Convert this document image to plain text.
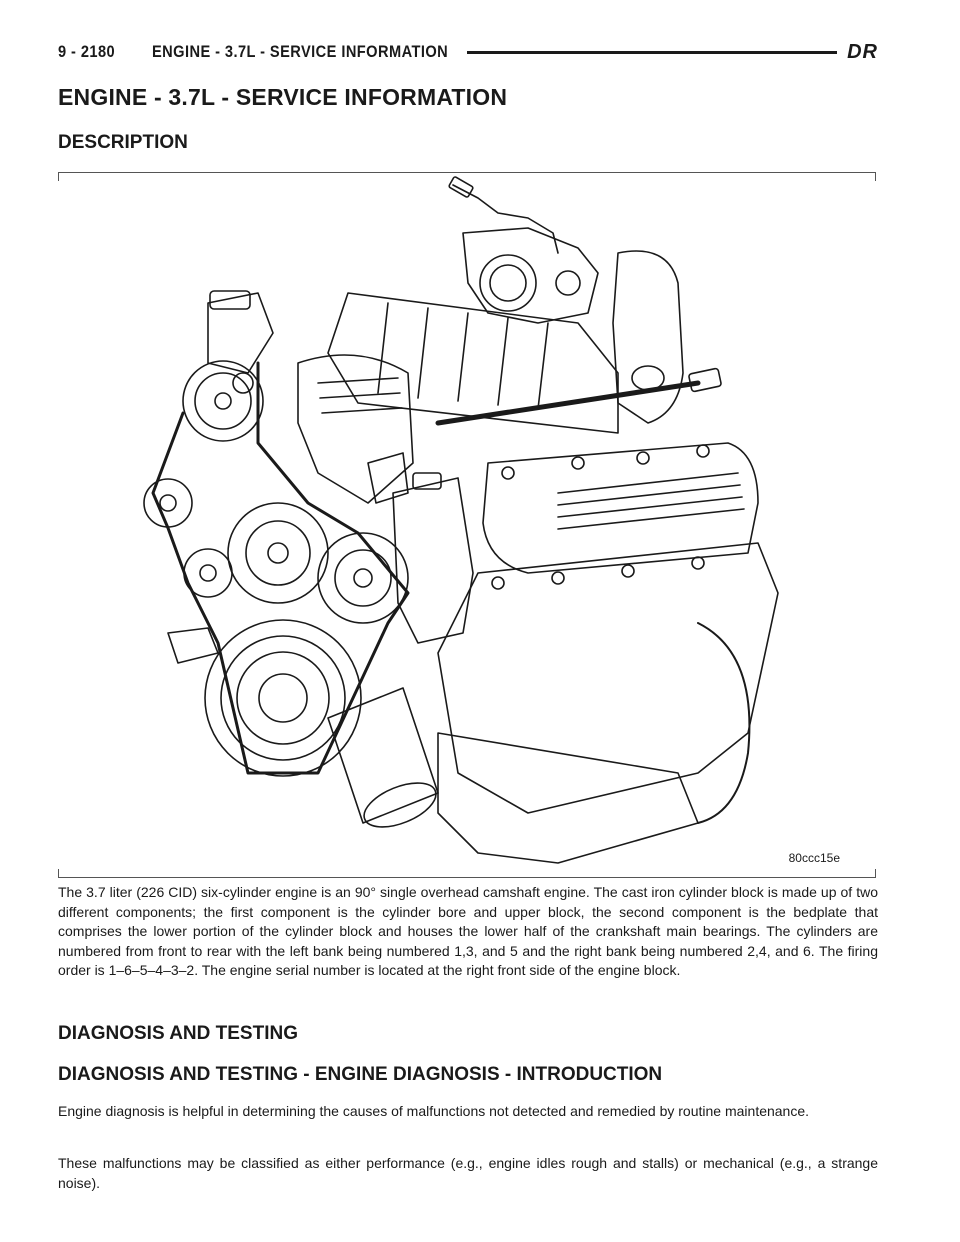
9 - 2180	ENGINE - 3.7L - SERVICE INFORMATION	DR
ENGINE - 3.7L - SERVICE INFORMATION
DESCRIPTION
80ccc15e

The 3.7 liter (226 CID) six-cylinder engine is an 90° single overhead camshaft engine. The cast iron cylinder block is made up of two different components; the first component is the cylinder bore and upper block, the second component is the bedplate that comprises the lower portion of the cylinder block and houses the lower half of the crankshaft main bearings. The cylinders are numbered from front to rear with the left bank being numbered 1,3, and 5 and the right bank being numbered 2,4, and 6. The firing order is 1–6–5–4–3–2. The engine serial number is located at the right front side of the engine block.

DIAGNOSIS AND TESTING
DIAGNOSIS AND TESTING - ENGINE DIAGNOSIS - INTRODUCTION

Engine diagnosis is helpful in determining the causes of malfunctions not detected and remedied by routine maintenance.

These malfunctions may be classified as either performance (e.g., engine idles rough and stalls) or mechanical (e.g., a strange noise).
